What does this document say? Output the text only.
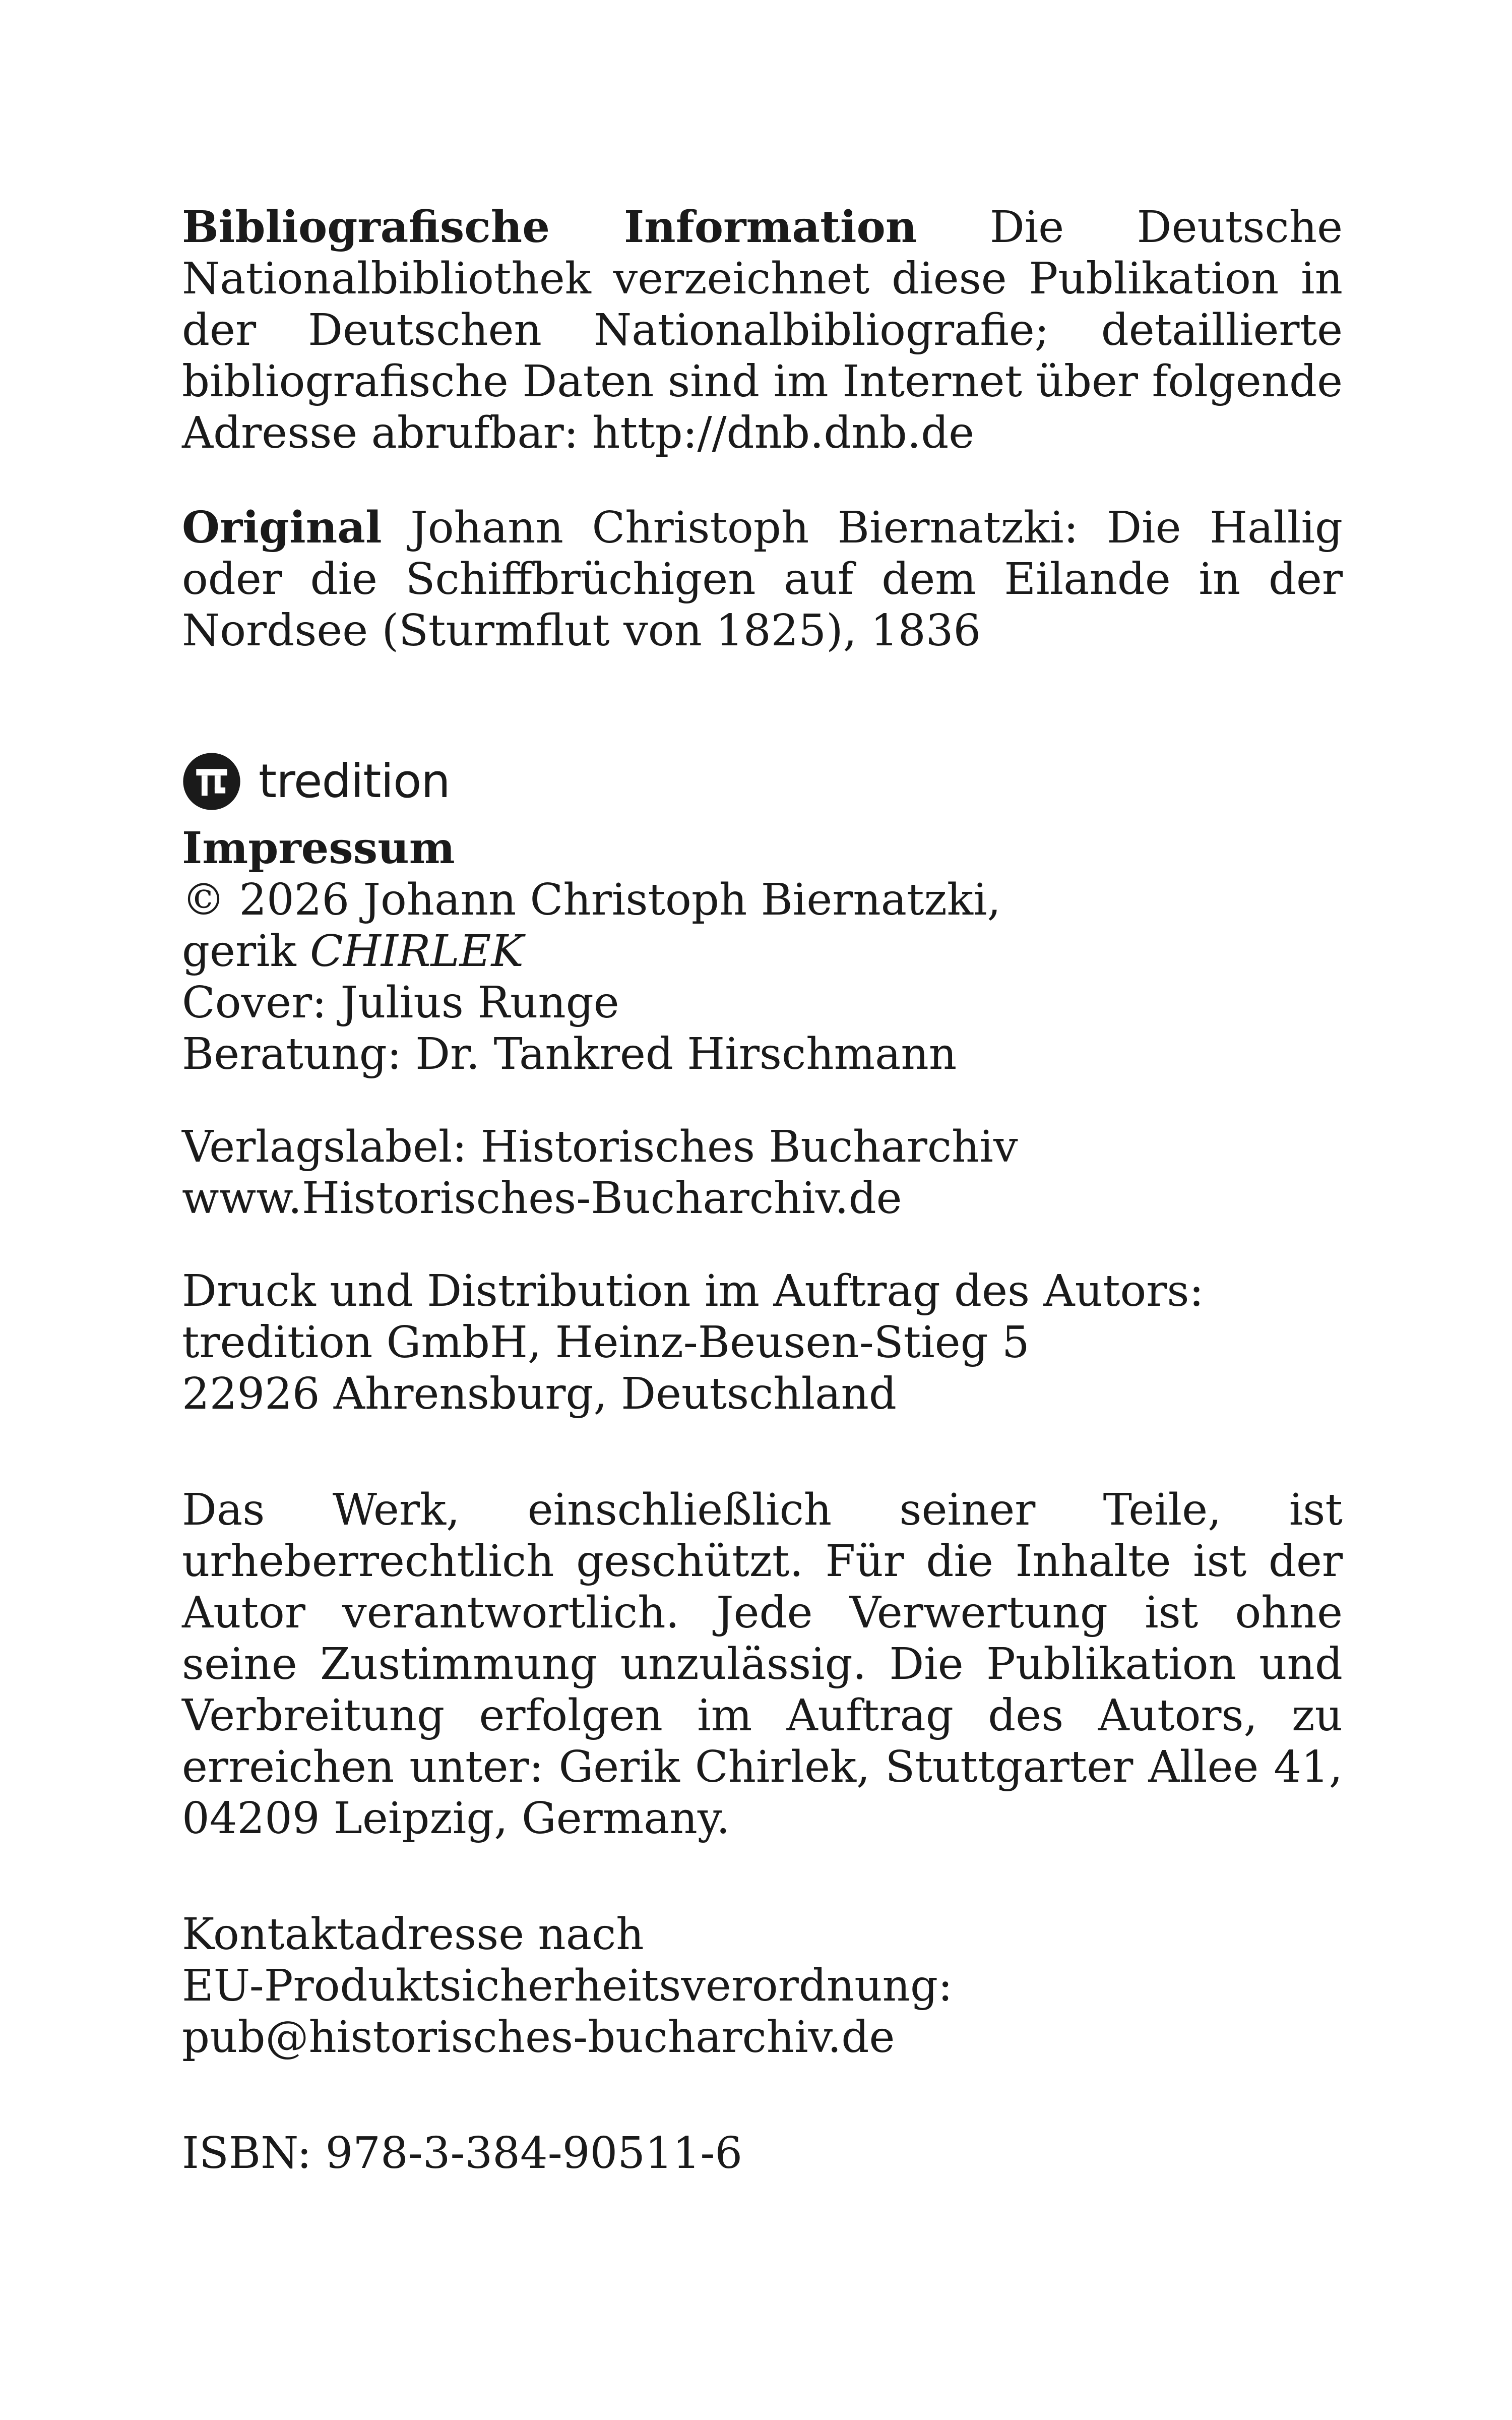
Bibliografische Information Die Deutsche Nationalbibliothek verzeichnet diese Publikation in der Deutschen Nationalbibliografie; detaillierte bibliografische Daten sind im Internet über folgende Adresse abrufbar: http://dnb.dnb.de

Original Johann Christoph Biernatzki: Die Hallig oder die Schiffbrüchigen auf dem Eilande in der Nordsee (Sturmflut von 1825), 1836

tredition
Impressum
© 2026 Johann Christoph Biernatzki,
gerik CHIRLEK
Cover: Julius Runge
Beratung: Dr. Tankred Hirschmann
Verlagslabel: Historisches Bucharchiv
www.Historisches-Bucharchiv.de
Druck und Distribution im Auftrag des Autors:
tredition GmbH, Heinz-Beusen-Stieg 5
22926 Ahrensburg, Deutschland

Das Werk, einschließlich seiner Teile, ist urheberrechtlich geschützt. Für die Inhalte ist der Autor verantwortlich. Jede Verwertung ist ohne seine Zustimmung unzulässig. Die Publikation und Verbreitung erfolgen im Auftrag des Autors, zu erreichen unter: Gerik Chirlek, Stuttgarter Allee 41, 04209 Leipzig, Germany.

Kontaktadresse nach
EU-Produktsicherheitsverordnung:
pub@historisches-bucharchiv.de
ISBN: 978-3-384-90511-6
